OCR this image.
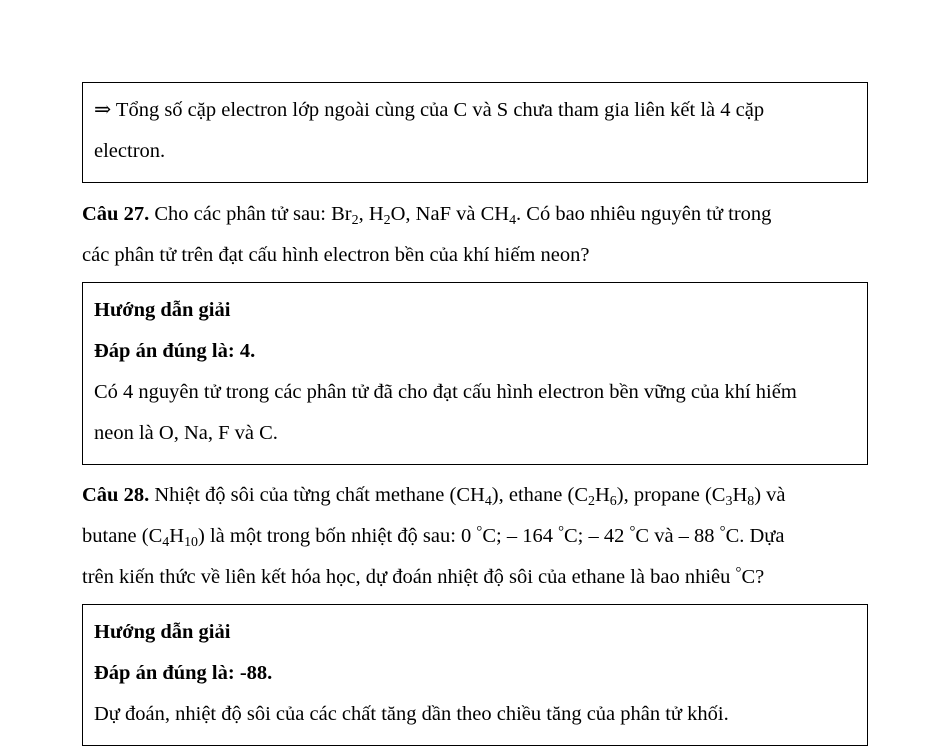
⇒ Tổng số cặp electron lớp ngoài cùng của C và S chưa tham gia liên kết là 4 cặp
electron.
Câu 27. Cho các phân tử sau: $Br_2$, $H_2O$, NaF và $CH_4$. Có bao nhiêu nguyên tử trong
các phân tử trên đạt cấu hình electron bền của khí hiếm neon?
Hướng dẫn giải
Đáp án đúng là: 4.
Có 4 nguyên tử trong các phân tử đã cho đạt cấu hình electron bền vững của khí hiếm
neon là O, Na, F và C.
Câu 28. Nhiệt độ sôi của từng chất methane $(CH_4)$, ethane $(C_2H_6)$, propane $(C_3H_8)$ và
butane $(C_4H_{10})$ là một trong bốn nhiệt độ sau: 0 °C; – 164 °C; – 42 °C và – 88 °C. Dựa
trên kiến thức về liên kết hóa học, dự đoán nhiệt độ sôi của ethane là bao nhiêu °C?
Hướng dẫn giải
Đáp án đúng là: -88.
Dự đoán, nhiệt độ sôi của các chất tăng dần theo chiều tăng của phân tử khối.
